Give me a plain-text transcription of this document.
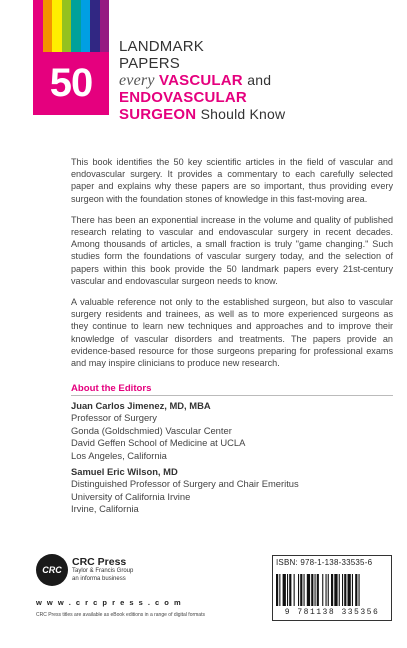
50
LANDMARK
PAPERS
every VASCULAR and
ENDOVASCULAR
SURGEON Should Know

This book identifies the 50 key scientific articles in the field of vascular and endovascular surgery. It provides a commentary to each carefully selected paper and explains why these papers are so important, thus providing every surgeon with the foundation stones of knowledge in this fast-moving area.

There has been an exponential increase in the volume and quality of published research relating to vascular and endovascular surgery in recent decades. Among thousands of articles, a small fraction is truly "game changing." Such studies form the foundations of vascular surgery today, and the selection of papers within this book provide the 50 landmark papers every 21st-century vascular and endovascular surgeon needs to know.

A valuable reference not only to the established surgeon, but also to vascular surgery residents and trainees, as well as to more experienced surgeons as they continue to learn new techniques and approaches and to improve their knowledge of vascular disorders and treatments. The papers provide an evidence-based resource for those surgeons preparing for professional exams and may inspire clinicians to produce new research.

About the Editors
Juan Carlos Jimenez, MD, MBA
Professor of Surgery
Gonda (Goldschmied) Vascular Center
David Geffen School of Medicine at UCLA
Los Angeles, California
Samuel Eric Wilson, MD
Distinguished Professor of Surgery and Chair Emeritus
University of California Irvine
Irvine, California
CRC
CRC Press
Taylor & Francis Group
an informa business
w w w . c r c p r e s s . c o m
CRC Press titles are available as eBook editions in a range of digital formats
ISBN: 978-1-138-33535-6
9 781138 335356
